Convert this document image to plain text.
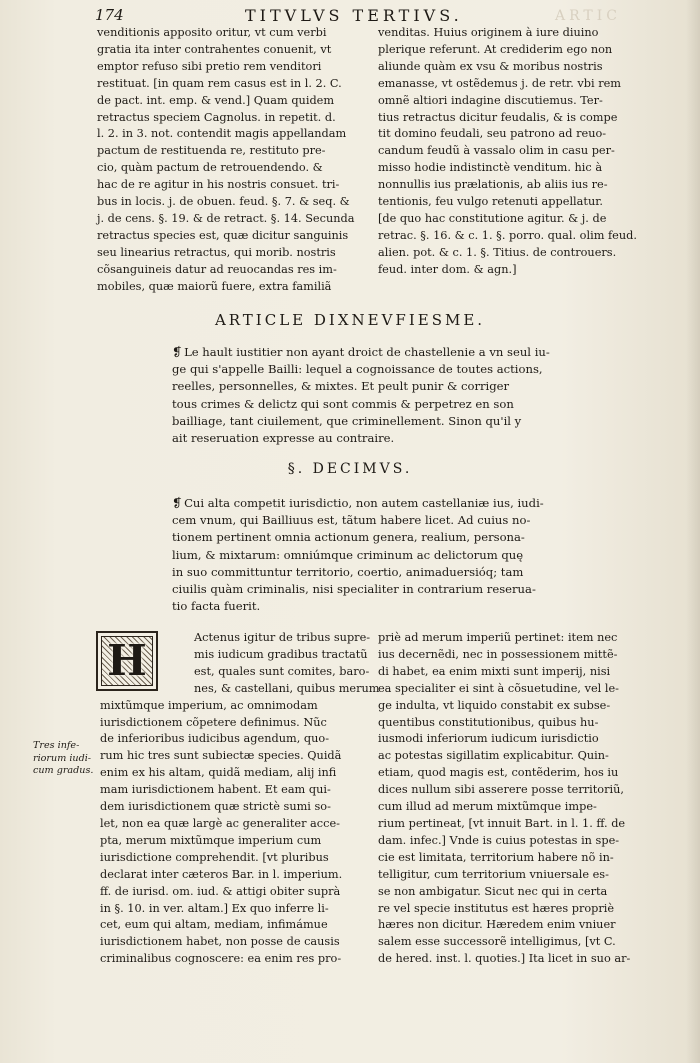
174	TITVLVS TERTIVS.	ARTIC
venditionis apposito oritur, vt cum verbi
gratia ita inter contrahentes conuenit, vt
emptor refuso sibi pretio rem venditori
restituat. [in quam rem casus est in l. 2. C.
de pact. int. emp. & vend.] Quam quidem
retractus speciem Cagnolus. in repetit. d.
l. 2. in 3. not. contendit magis appellandam
pactum de restituenda re, restituto pre-
cio, quàm pactum de retrouendendo. &
hac de re agitur in his nostris consuet. tri-
bus in locis. j. de obuen. feud. §. 7. & seq. &
j. de cens. §. 19. & de retract. §. 14. Secunda
retractus species est, quæ dicitur sanguinis
seu linearius retractus, qui morib. nostris
cõsanguineis datur ad reuocandas res im-
mobiles, quæ maiorũ fuere, extra familiã
venditas. Huius originem à iure diuino
plerique referunt. At crediderim ego non
aliunde quàm ex vsu & moribus nostris
emanasse, vt ostẽdemus j. de retr. vbi rem
omnẽ altiori indagine discutiemus. Ter-
tius retractus dicitur feudalis, & is compe
tit domino feudali, seu patrono ad reuo-
candum feudũ à vassalo olim in casu per-
misso hodie indistinctè venditum. hic à
nonnullis ius prælationis, ab aliis ius re-
tentionis, feu vulgo retenuti appellatur.
[de quo hac constitutione agitur. & j. de
retrac. §. 16. & c. 1. §. porro. qual. olim feud.
alien. pot. & c. 1. §. Titius. de controuers.
feud. inter dom. & agn.]
ARTICLE DIXNEVFIESME.
❡ Le hault iustitier non ayant droict de chastellenie a vn seul iu-
ge qui s'appelle Bailli: lequel a cognoissance de toutes actions,
reelles, personnelles, & mixtes. Et peult punir & corriger
tous crimes & delictz qui sont commis & perpetrez en son
bailliage, tant ciuilement, que criminellement. Sinon qu'il y
ait reseruation expresse au contraire.
§. DECIMVS.
❡ Cui alta competit iurisdictio, non autem castellaniæ ius, iudi-
cem vnum, qui Bailliuus est, tãtum habere licet. Ad cuius no-
tionem pertinent omnia actionum genera, realium, persona-
lium, & mixtarum: omniúmque criminum ac delictorum quę
in suo committuntur territorio, coertio, animaduersióq; tam
ciuilis quàm criminalis, nisi specialiter in contrarium reserua-
tio facta fuerit.
H
Tres infe-
riorum iudi-
cum gradus.
Actenus igitur de tribus supre-
mis iudicum gradibus tractatũ
est, quales sunt comites, baro-
nes, & castellani, quibus merum
mixtũmque imperium, ac omnimodam
iurisdictionem cõpetere definimus. Nũc
de inferioribus iudicibus agendum, quo-
rum hic tres sunt subiectæ species. Quidã
enim ex his altam, quidã mediam, alij infi
mam iurisdictionem habent. Et eam qui-
dem iurisdictionem quæ strictè sumi so-
let, non ea quæ largè ac generaliter acce-
pta, merum mixtũmque imperium cum
iurisdictione comprehendit. [vt pluribus
declarat inter cæteros Bar. in l. imperium.
ff. de iurisd. om. iud. & attigi obiter suprà
in §. 10. in ver. altam.] Ex quo inferre li-
cet, eum qui altam, mediam, infimámue
iurisdictionem habet, non posse de causis
criminalibus cognoscere: ea enim res pro-
priè ad merum imperiũ pertinet: item nec
ius decernẽdi, nec in possessionem mittẽ-
di habet, ea enim mixti sunt imperij, nisi
ea specialiter ei sint à cõsuetudine, vel le-
ge indulta, vt liquido constabit ex subse-
quentibus constitutionibus, quibus hu-
iusmodi inferiorum iudicum iurisdictio
ac potestas sigillatim explicabitur. Quin-
etiam, quod magis est, contẽderim, hos iu
dices nullum sibi asserere posse territoriũ,
cum illud ad merum mixtũmque impe-
rium pertineat, [vt innuit Bart. in l. 1. ff. de
dam. infec.] Vnde is cuius potestas in spe-
cie est limitata, territorium habere nõ in-
telligitur, cum territorium vniuersale es-
se non ambigatur. Sicut nec qui in certa
re vel specie institutus est hæres propriè
hæres non dicitur. Hæredem enim vniuer
salem esse successorẽ intelligimus, [vt C.
de hered. inst. l. quoties.] Ita licet in suo ar-
